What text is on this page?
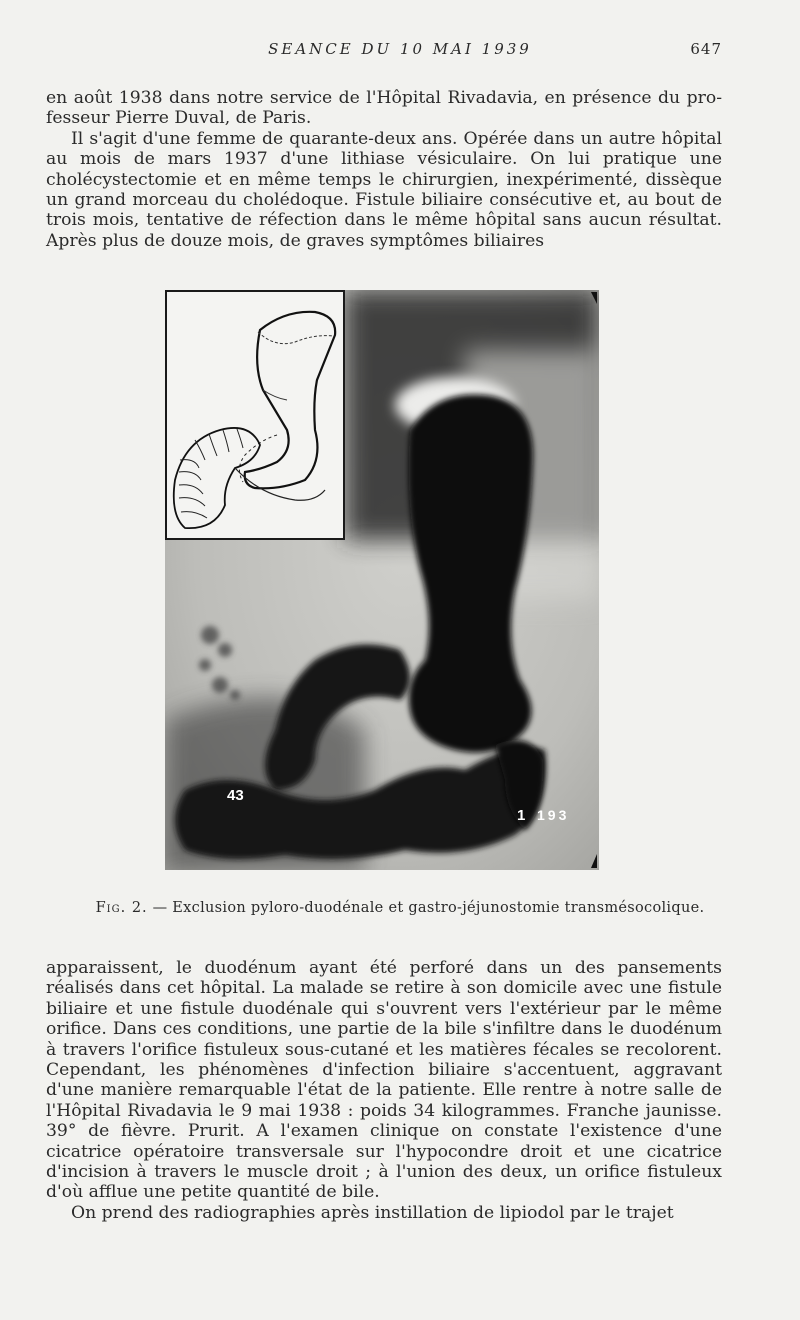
SEANCE DU 10 MAI 1939	647

en août 1938 dans notre service de l'Hôpital Rivadavia, en présence du professeur Pierre Duval, de Paris.

Il s'agit d'une femme de quarante-deux ans. Opérée dans un autre hôpital au mois de mars 1937 d'une lithiase vésiculaire. On lui pratique une cholécystectomie et en même temps le chirurgien, inexpérimenté, dissèque un grand morceau du cholédoque. Fistule biliaire consécutive et, au bout de trois mois, tentative de réfection dans le même hôpital sans aucun résultat. Après plus de douze mois, de graves symptômes biliaires

43
1 193
Fig. 2. — Exclusion pyloro-duodénale et gastro-jéjunostomie transmésocolique.

apparaissent, le duodénum ayant été perforé dans un des pansements réalisés dans cet hôpital. La malade se retire à son domicile avec une fistule biliaire et une fistule duodénale qui s'ouvrent vers l'extérieur par le même orifice. Dans ces conditions, une partie de la bile s'infiltre dans le duodénum à travers l'orifice fistuleux sous-cutané et les matières fécales se recolorent. Cependant, les phénomènes d'infection biliaire s'accentuent, aggravant d'une manière remarquable l'état de la patiente. Elle rentre à notre salle de l'Hôpital Rivadavia le 9 mai 1938 : poids 34 kilogrammes. Franche jaunisse. 39° de fièvre. Prurit. A l'examen clinique on constate l'existence d'une cicatrice opératoire transversale sur l'hypocondre droit et une cicatrice d'incision à travers le muscle droit ; à l'union des deux, un orifice fistuleux d'où afflue une petite quantité de bile.

On prend des radiographies après instillation de lipiodol par le trajet
